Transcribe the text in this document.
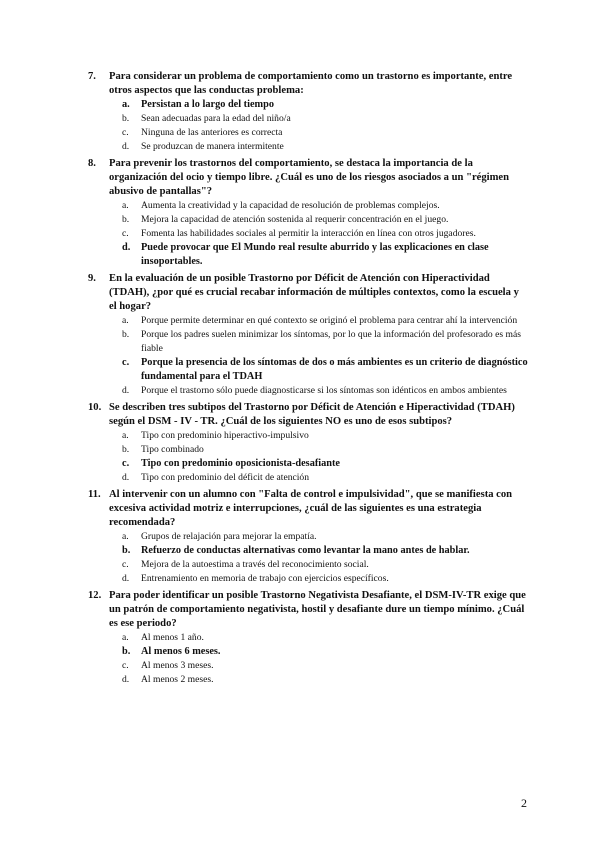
7.	Para considerar un problema de comportamiento como un trastorno es importante, entre otros aspectos que las conductas problema:
a.	Persistan a lo largo del tiempo
b.	Sean adecuadas para la edad del niño/a
c.	Ninguna de las anteriores es correcta
d.	Se produzcan de manera intermitente
8.	Para prevenir los trastornos del comportamiento, se destaca la importancia de la organización del ocio y tiempo libre. ¿Cuál es uno de los riesgos asociados a un "régimen abusivo de pantallas"?
a.	Aumenta la creatividad y la capacidad de resolución de problemas complejos.
b.	Mejora la capacidad de atención sostenida al requerir concentración en el juego.
c.	Fomenta las habilidades sociales al permitir la interacción en línea con otros jugadores.
d.	Puede provocar que El Mundo real resulte aburrido y las explicaciones en clase insoportables.
9.	En la evaluación de un posible Trastorno por Déficit de Atención con Hiperactividad (TDAH), ¿por qué es crucial recabar información de múltiples contextos, como la escuela y el hogar?
a.	Porque permite determinar en qué contexto se originó el problema para centrar ahí la intervención
b.	Porque los padres suelen minimizar los síntomas, por lo que la información del profesorado es más fiable
c.	Porque la presencia de los síntomas de dos o más ambientes es un criterio de diagnóstico fundamental para el TDAH
d.	Porque el trastorno sólo puede diagnosticarse si los síntomas son idénticos en ambos ambientes
10. Se describen tres subtipos del Trastorno por Déficit de Atención e Hiperactividad (TDAH) según el DSM - IV - TR. ¿Cuál de los siguientes NO es uno de esos subtipos?
a.	Tipo con predominio hiperactivo-impulsivo
b.	Tipo combinado
c.	Tipo con predominio oposicionista-desafiante
d.	Tipo con predominio del déficit de atención
11. Al intervenir con un alumno con "Falta de control e impulsividad", que se manifiesta con excesiva actividad motriz e interrupciones, ¿cuál de las siguientes es una estrategia recomendada?
a.	Grupos de relajación para mejorar la empatía.
b.	Refuerzo de conductas alternativas como levantar la mano antes de hablar.
c.	Mejora de la autoestima a través del reconocimiento social.
d.	Entrenamiento en memoria de trabajo con ejercicios específicos.
12. Para poder identificar un posible Trastorno Negativista Desafiante, el DSM-IV-TR exige que un patrón de comportamiento negativista, hostil y desafiante dure un tiempo mínimo. ¿Cuál es ese periodo?
a.	Al menos 1 año.
b.	Al menos 6 meses.
c.	Al menos 3 meses.
d.	Al menos 2 meses.
2
